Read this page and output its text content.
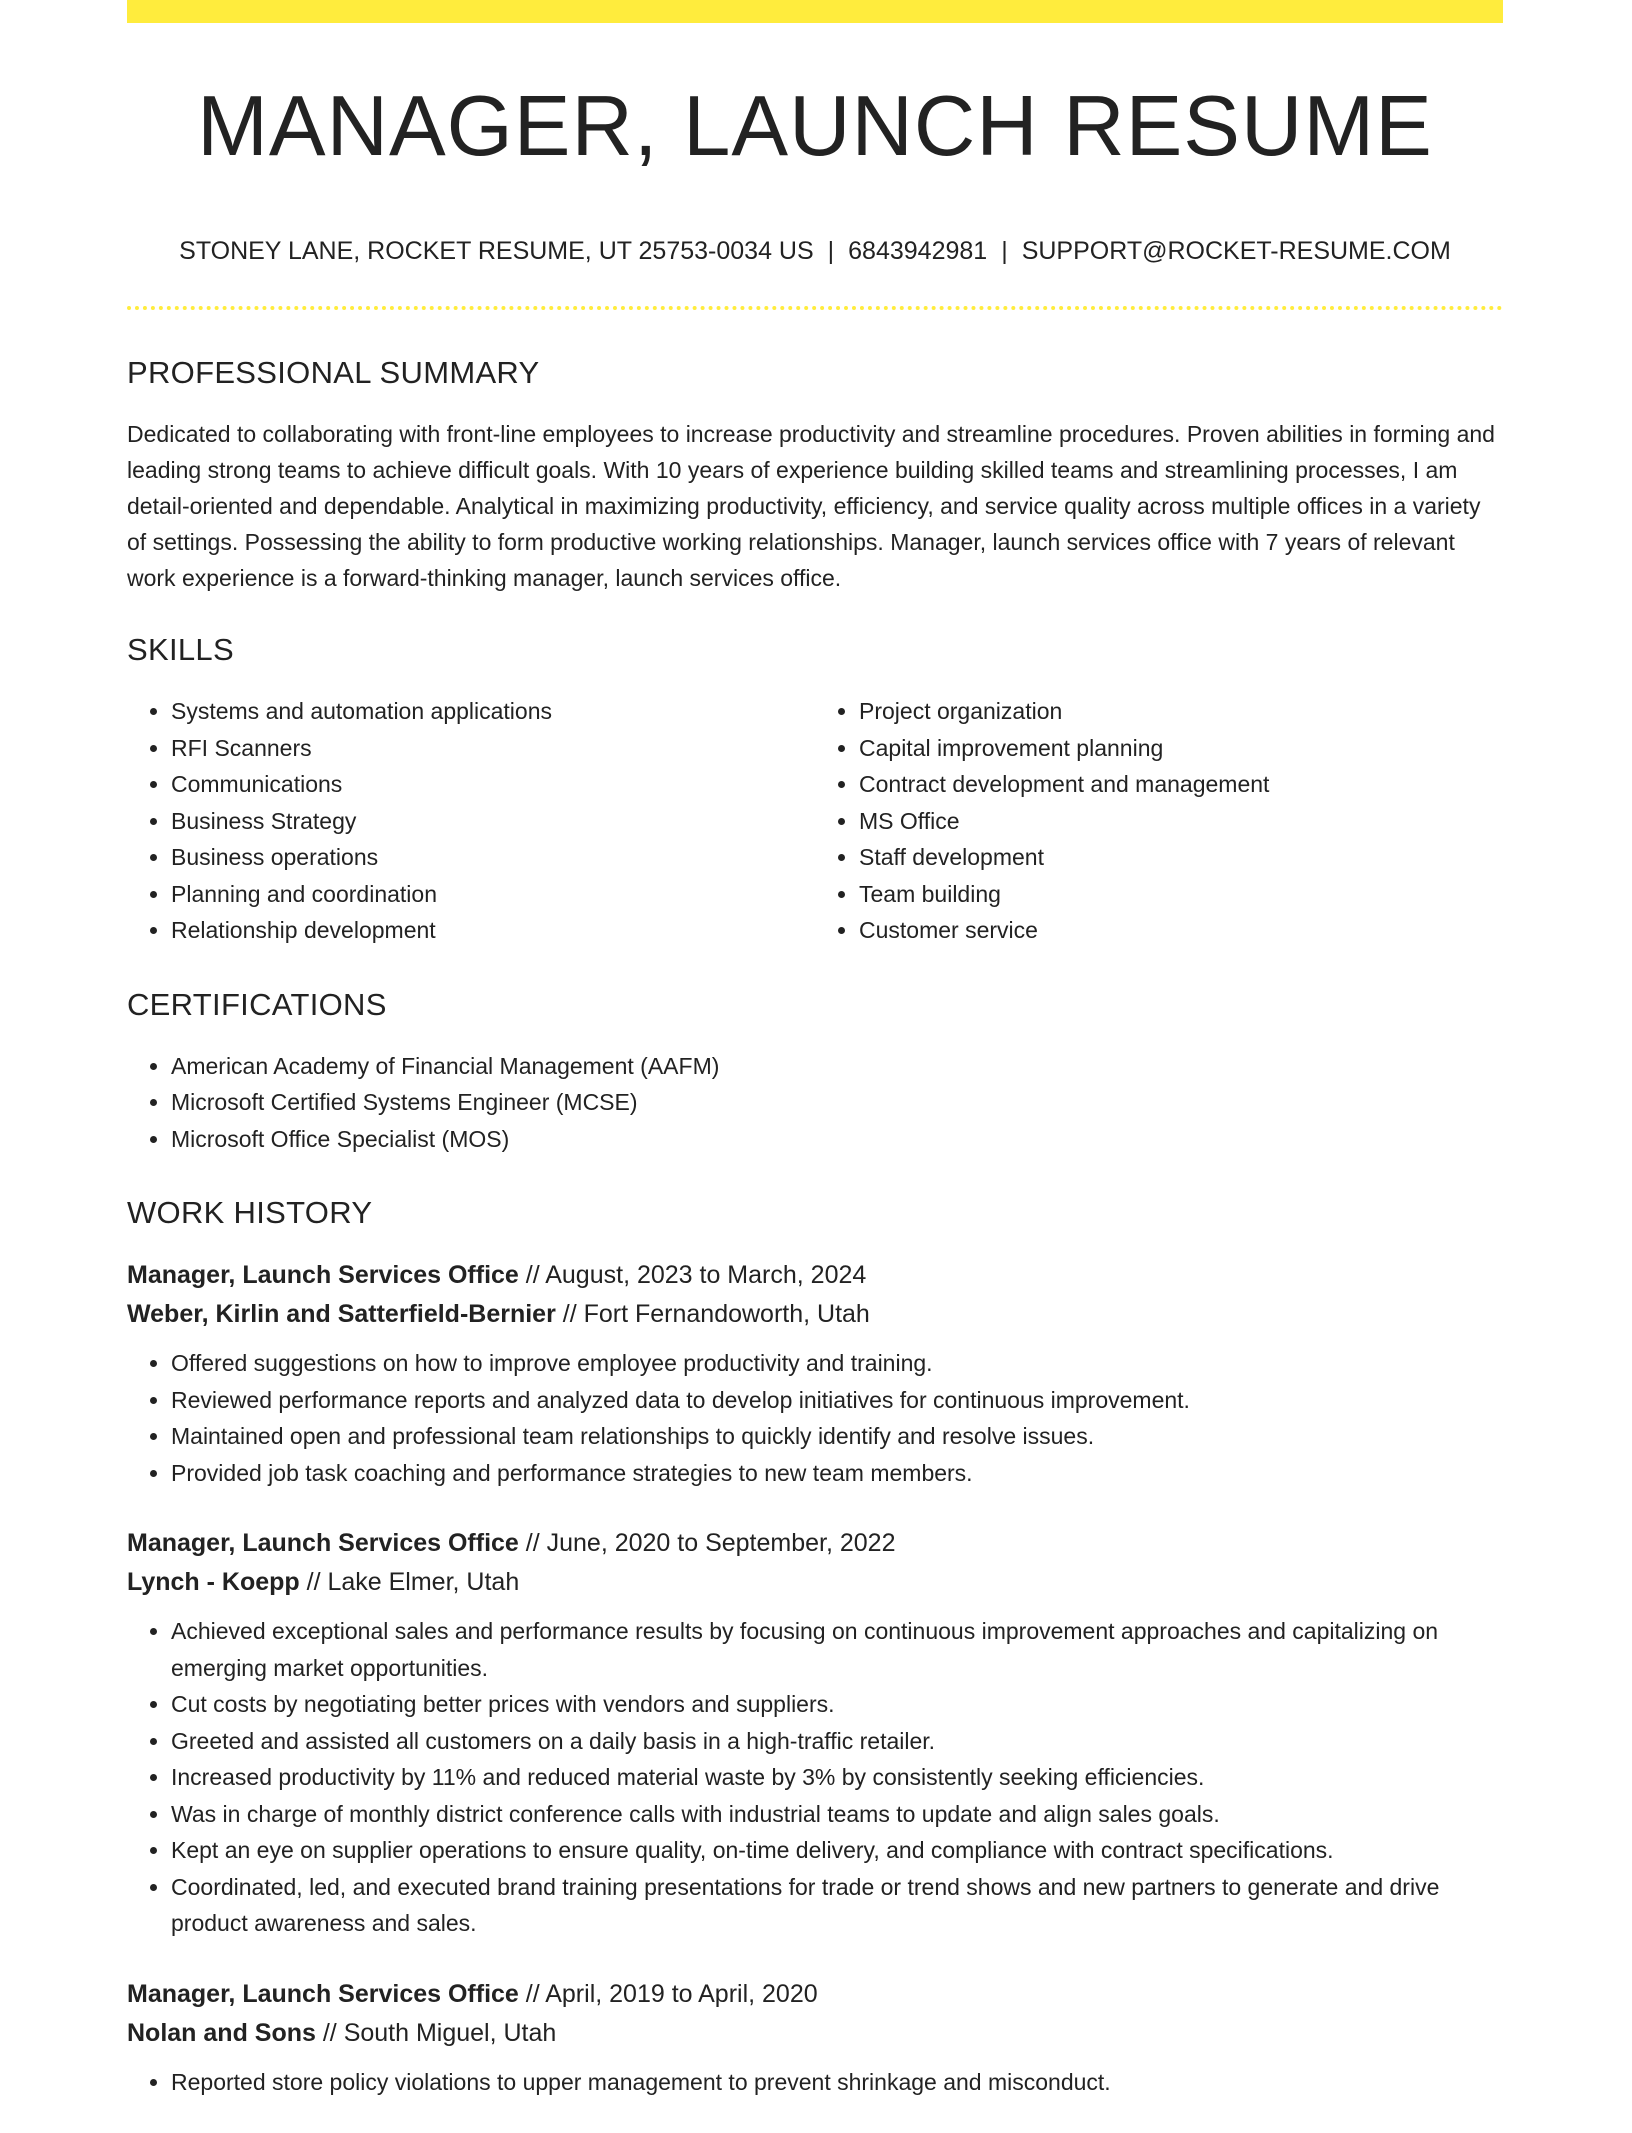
MANAGER, LAUNCH RESUME
STONEY LANE, ROCKET RESUME, UT 25753-0034 US | 6843942981 | SUPPORT@ROCKET-RESUME.COM
PROFESSIONAL SUMMARY

Dedicated to collaborating with front-line employees to increase productivity and streamline procedures. Proven abilities in forming and leading strong teams to achieve difficult goals. With 10 years of experience building skilled teams and streamlining processes, I am detail-oriented and dependable. Analytical in maximizing productivity, efficiency, and service quality across multiple offices in a variety of settings. Possessing the ability to form productive working relationships. Manager, launch services office with 7 years of relevant work experience is a forward-thinking manager, launch services office.

SKILLS
• Systems and automation applications
• RFI Scanners
• Communications
• Business Strategy
• Business operations
• Planning and coordination
• Relationship development
• Project organization
• Capital improvement planning
• Contract development and management
• MS Office
• Staff development
• Team building
• Customer service
CERTIFICATIONS
• American Academy of Financial Management (AAFM)
• Microsoft Certified Systems Engineer (MCSE)
• Microsoft Office Specialist (MOS)
WORK HISTORY
Manager, Launch Services Office // August, 2023 to March, 2024
Weber, Kirlin and Satterfield-Bernier // Fort Fernandoworth, Utah
• Offered suggestions on how to improve employee productivity and training.
• Reviewed performance reports and analyzed data to develop initiatives for continuous improvement.
• Maintained open and professional team relationships to quickly identify and resolve issues.
• Provided job task coaching and performance strategies to new team members.
Manager, Launch Services Office // June, 2020 to September, 2022
Lynch - Koepp // Lake Elmer, Utah
• Achieved exceptional sales and performance results by focusing on continuous improvement approaches and capitalizing on emerging market opportunities.
• Cut costs by negotiating better prices with vendors and suppliers.
• Greeted and assisted all customers on a daily basis in a high-traffic retailer.
• Increased productivity by 11% and reduced material waste by 3% by consistently seeking efficiencies.
• Was in charge of monthly district conference calls with industrial teams to update and align sales goals.
• Kept an eye on supplier operations to ensure quality, on-time delivery, and compliance with contract specifications.
• Coordinated, led, and executed brand training presentations for trade or trend shows and new partners to generate and drive product awareness and sales.
Manager, Launch Services Office // April, 2019 to April, 2020
Nolan and Sons // South Miguel, Utah
• Reported store policy violations to upper management to prevent shrinkage and misconduct.
